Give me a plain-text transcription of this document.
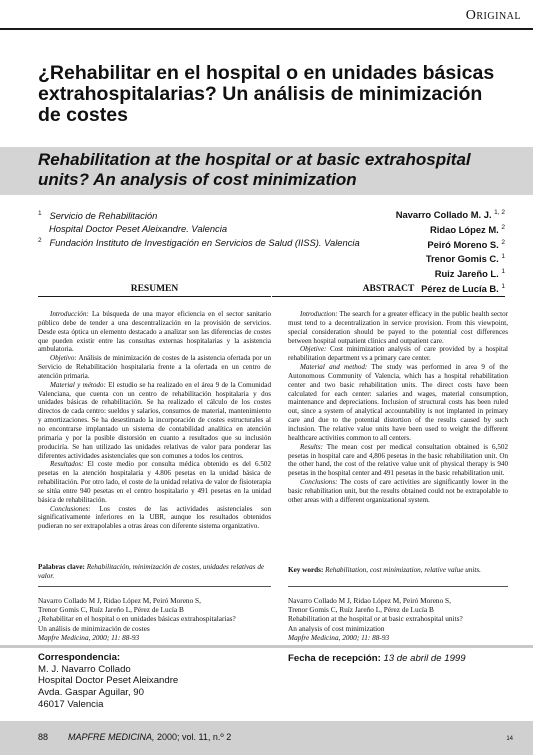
Original
¿Rehabilitar en el hospital o en unidades básicas
extrahospitalarias? Un análisis de minimización
de costes
Rehabilitation at the hospital or at basic extrahospital
units? An analysis of cost minimization
$^1$ Servicio de Rehabilitación
Hospital Doctor Peset Aleixandre. Valencia
$^2$ Fundación Instituto de Investigación en Servicios de Salud (IISS). Valencia
Navarro Collado M. J. $^{1, 2}$
Ridao López M. $^2$
Peiró Moreno S. $^2$
Trenor Gomis C. $^1$
Ruiz Jareño L. $^1$
Pérez de Lucía B. $^1$
RESUMEN

Introducción: La búsqueda de una mayor eficiencia en el sector sanitario público debe de tender a una descentralización en la provisión de servicios. Desde esta óptica un elemento destacado a analizar son las diferencias de costes que pueden existir entre las consultas externas hospitalarias y la asistencia ambulatoria.

Objetivo: Análisis de minimización de costes de la asistencia ofertada por un Servicio de Rehabilitación hospitalaria frente a la ofertada en un centro de atención primaria.

Material y método: El estudio se ha realizado en el área 9 de la Comunidad Valenciana, que cuenta con un centro de rehabilitación hospitalaria y dos unidades básicas de rehabilitación. Se ha realizado el cálculo de los costes directos de cada centro: sueldos y salarios, consumos de material, mantenimiento y amortizaciones. Se ha desestimado la incorporación de costes estructurales al no encontrarse implantado un sistema de contabilidad analítica en atención primaria y por la posible distorsión en cuanto a resultados que su inclusión produciría. Se han utilizado las unidades relativas de valor para ponderar las diferentes actividades asistenciales que son comunes a todos los centros.

Resultados: El coste medio por consulta médica obtenido es del 6.502 pesetas en la atención hospitalaria y 4.806 pesetas en la unidad básica de rehabilitación. Por otro lado, el coste de la unidad relativa de valor de fisioterapia se sitúa entre 940 pesetas en el centro hospitalario y 491 pesetas en la unidad básica de rehabilitación.

Conclusiones: Los costes de las actividades asistenciales son significativamente inferiores en la UBR, aunque los resultados obtenidos pudieran no ser extrapolables a otras áreas con diferente sistema organizativo.

Palabras clave: Rehabilitación, minimización de costes, unidades relativas de valor.
Navarro Collado M J, Ridao López M, Peiró Moreno S,
Trenor Gomis C, Ruíz Jareño L, Pérez de Lucía B
¿Rehabilitar en el hospital o en unidades básicas extrahospitalarias?
Un análisis de minimización de costes
Mapfre Medicina, 2000; 11: 88-93
ABSTRACT

Introduction: The search for a greater efficacy in the public health sector must tend to a decentralization in service provision. From this viewpoint, special consideration should be payed to the potential cost differences between hospital outpatient clinics and outpatient care.

Objetive: Cost minimization analysis of care provided by a hospital rehabilitation department vs a primary care center.

Material and method: The study was performed in area 9 of the Autonomous Community of Valencia, which has a hospital rehabilitation center and two basic rehabilitation units. The direct costs have been calculated for each center: salaries and wages, material consumption, maintenance and depreciations. Inclusion of structural costs has been ruled out, since a system of analytical accountability is not implanted in primary care and due to the potential distortion of the results caused by such inclusion. The relative value units have been used to weight the different healthcare activities common to all centers.

Results: The mean cost per medical consultation obtained is 6,502 pesetas in hospital care and 4,806 pesetas in the basic rehabilitation unit. On the other hand, the cost of the relative value unit of physical therapy is 940 pesetas in the hospital center and 491 pesetas in the basic rehabilitation unit.

Conclusions: The costs of care activities are significantly lower in the basic rehabilitation unit, but the results obtained could not be extrapolable to other areas with a different organizational system.

Key words: Rehabilitation, cost minimization, relative value units.
Navarro Collado M J, Ridao López M, Peiró Moreno S,
Trenor Gomis C, Ruíz Jareño L, Pérez de Lucía B
Rehabilitation at the hospital or at basic extrahospital units?
An analysis of cost minimization
Mapfre Medicina, 2000; 11: 88-93
Correspondencia:
M. J. Navarro Collado
Hospital Doctor Peset Aleixandre
Avda. Gaspar Aguilar, 90
46017 Valencia
Fecha de recepción: 13 de abril de 1999
88 MAPFRE MEDICINA, 2000; vol. 11, n.º 2	14
